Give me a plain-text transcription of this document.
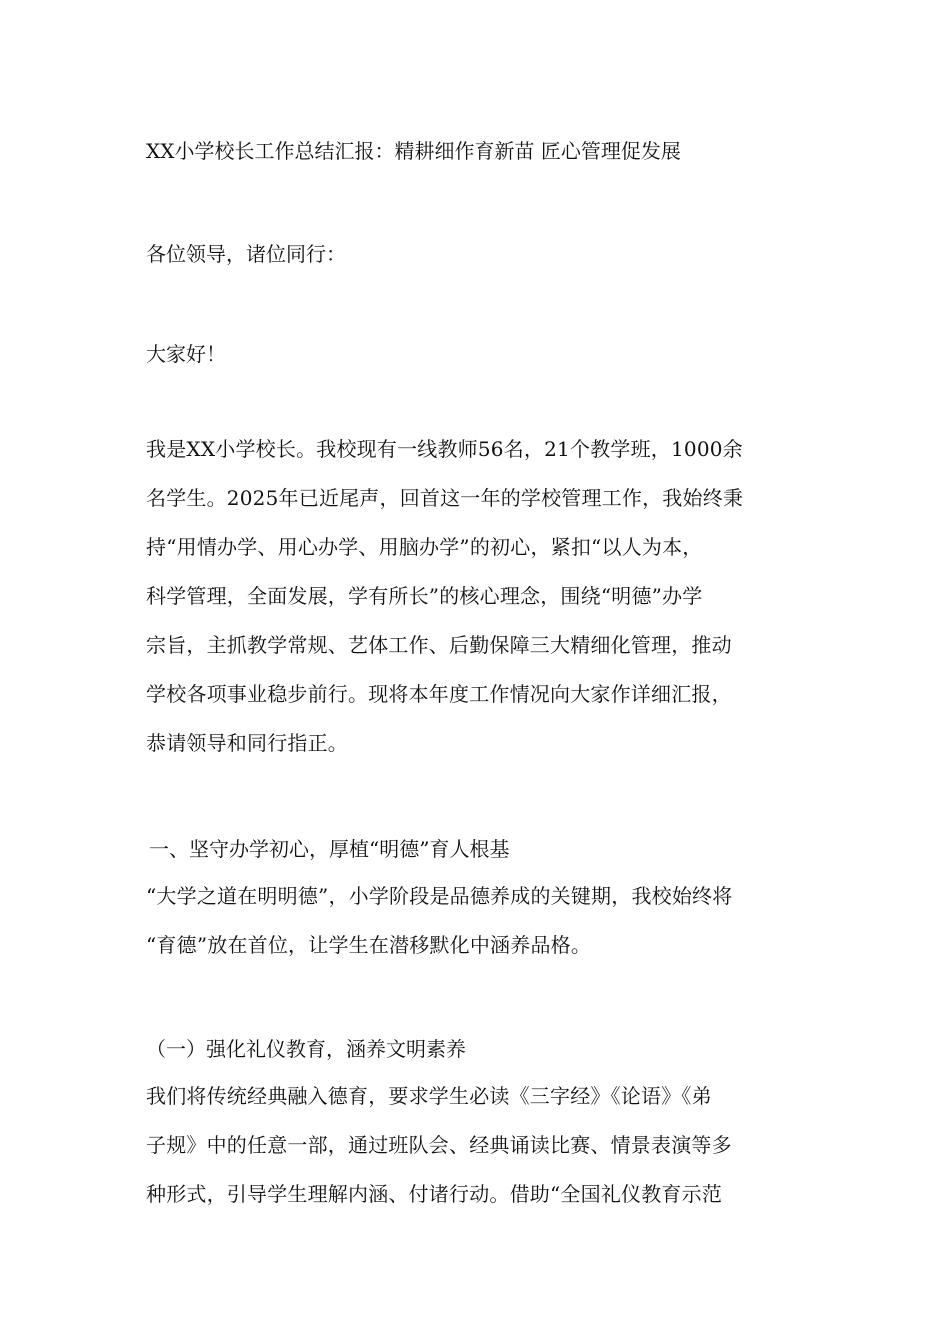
XX小学校长工作总结汇报：精耕细作育新苗 匠心管理促发展
各位领导，诸位同行：
大家好！
我是XX小学校长。我校现有一线教师56名，21个教学班，1000余
名学生。2025年已近尾声，回首这一年的学校管理工作，我始终秉
持“用情办学、用心办学、用脑办学”的初心，紧扣“以人为本，
科学管理，全面发展，学有所长”的核心理念，围绕“明德”办学
宗旨，主抓教学常规、艺体工作、后勤保障三大精细化管理，推动
学校各项事业稳步前行。现将本年度工作情况向大家作详细汇报，
恭请领导和同行指正。
一、坚守办学初心，厚植“明德”育人根基
“大学之道在明明德”，小学阶段是品德养成的关键期，我校始终将
“育德”放在首位，让学生在潜移默化中涵养品格。
（一）强化礼仪教育，涵养文明素养
我们将传统经典融入德育，要求学生必读《三字经》《论语》《弟
子规》中的任意一部，通过班队会、经典诵读比赛、情景表演等多
种形式，引导学生理解内涵、付诸行动。借助“全国礼仪教育示范
